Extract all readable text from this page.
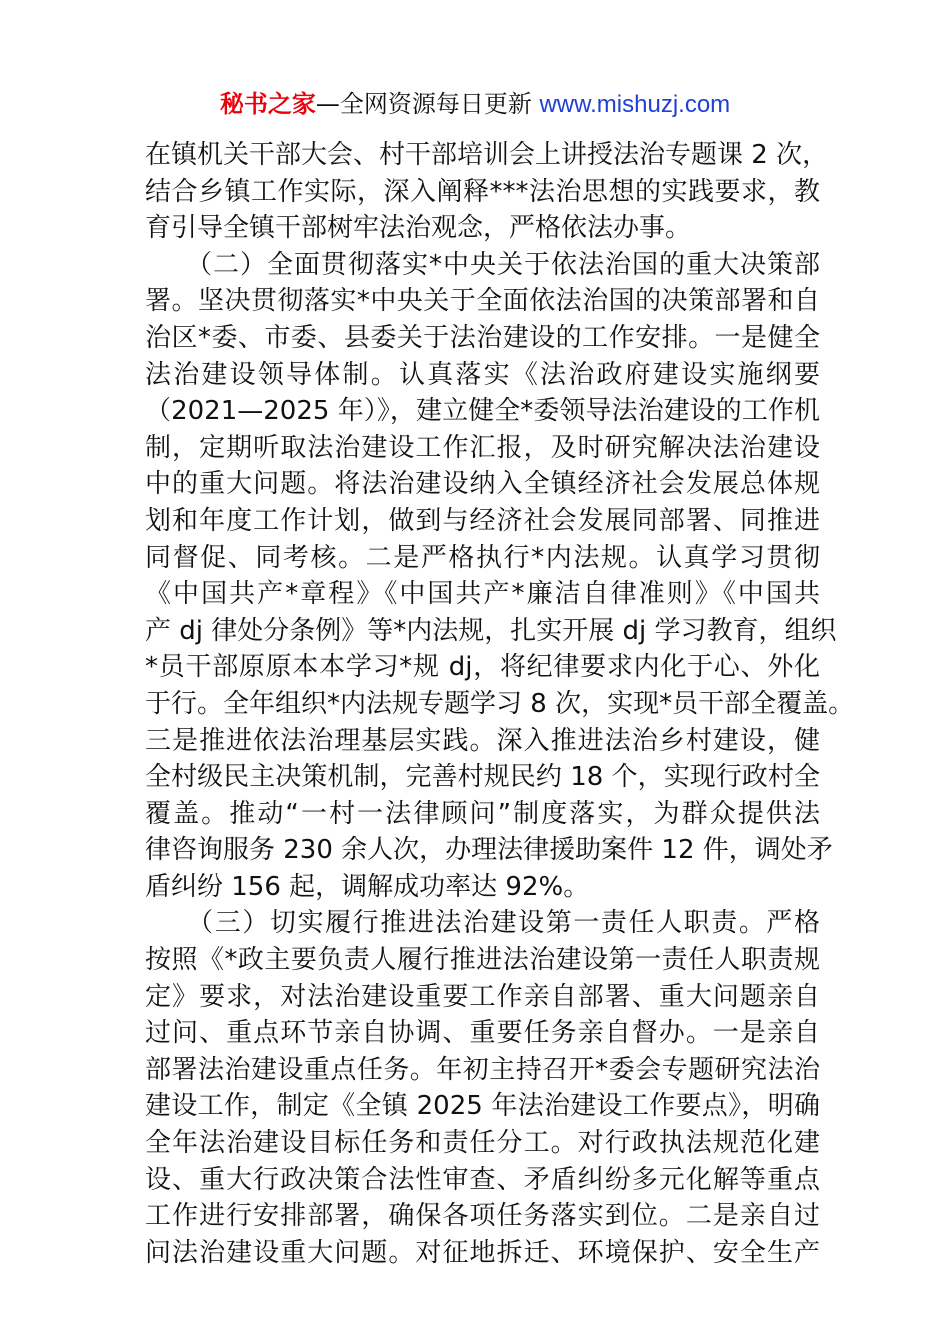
秘书之家—全网资源每日更新 www.mishuzj.com
在镇机关干部大会、村干部培训会上讲授法治专题课 2 次，
结合乡镇工作实际，深入阐释***法治思想的实践要求，教
育引导全镇干部树牢法治观念，严格依法办事。
　　（二）全面贯彻落实*中央关于依法治国的重大决策部
署。坚决贯彻落实*中央关于全面依法治国的决策部署和自
治区*委、市委、县委关于法治建设的工作安排。一是健全
法治建设领导体制。认真落实《法治政府建设实施纲要
（2021—2025 年）》，建立健全*委领导法治建设的工作机
制，定期听取法治建设工作汇报，及时研究解决法治建设
中的重大问题。将法治建设纳入全镇经济社会发展总体规
划和年度工作计划，做到与经济社会发展同部署、同推进
同督促、同考核。二是严格执行*内法规。认真学习贯彻
《中国共产*章程》《中国共产*廉洁自律准则》《中国共
产 dj 律处分条例》等*内法规，扎实开展 dj 学习教育，组织
*员干部原原本本学习*规 dj，将纪律要求内化于心、外化
于行。全年组织*内法规专题学习 8 次，实现*员干部全覆盖。
三是推进依法治理基层实践。深入推进法治乡村建设，健
全村级民主决策机制，完善村规民约 18 个，实现行政村全
覆盖。推动“一村一法律顾问”制度落实，为群众提供法
律咨询服务 230 余人次，办理法律援助案件 12 件，调处矛
盾纠纷 156 起，调解成功率达 92%。
　　（三）切实履行推进法治建设第一责任人职责。严格
按照《*政主要负责人履行推进法治建设第一责任人职责规
定》要求，对法治建设重要工作亲自部署、重大问题亲自
过问、重点环节亲自协调、重要任务亲自督办。一是亲自
部署法治建设重点任务。年初主持召开*委会专题研究法治
建设工作，制定《全镇 2025 年法治建设工作要点》，明确
全年法治建设目标任务和责任分工。对行政执法规范化建
设、重大行政决策合法性审查、矛盾纠纷多元化解等重点
工作进行安排部署，确保各项任务落实到位。二是亲自过
问法治建设重大问题。对征地拆迁、环境保护、安全生产
